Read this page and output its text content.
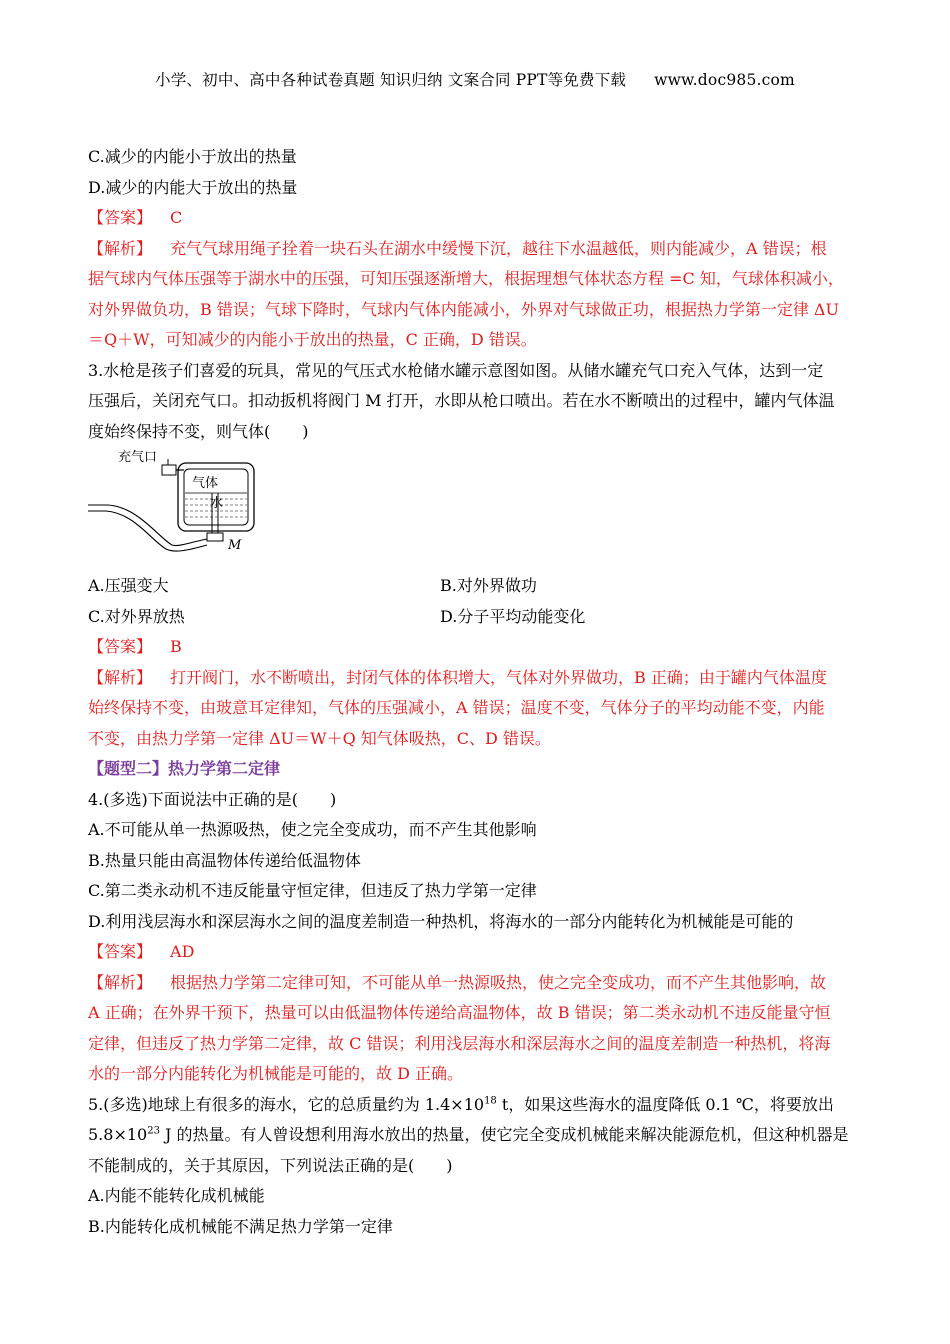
小学、初中、高中各种试卷真题 知识归纳 文案合同 PPT等免费下载 www.doc985.com
C.减少的内能小于放出的热量
D.减少的内能大于放出的热量
【答案】 C
【解析】 充气气球用绳子拴着一块石头在湖水中缓慢下沉，越往下水温越低，则内能减少，A 错误；根
据气球内气体压强等于湖水中的压强，可知压强逐渐增大，根据理想气体状态方程 =C 知，气球体积减小，
对外界做负功，B 错误；气球下降时，气球内气体内能减小，外界对气球做正功，根据热力学第一定律 ΔU
＝Q＋W，可知减少的内能小于放出的热量，C 正确，D 错误。
3.水枪是孩子们喜爱的玩具，常见的气压式水枪储水罐示意图如图。从储水罐充气口充入气体，达到一定
压强后，关闭充气口。扣动扳机将阀门 M 打开，水即从枪口喷出。若在水不断喷出的过程中，罐内气体温
度始终保持不变，则气体(　　)
充气口
气体
水
M
A.压强变大	B.对外界做功
C.对外界放热	D.分子平均动能变化
【答案】 B
【解析】 打开阀门，水不断喷出，封闭气体的体积增大，气体对外界做功，B 正确；由于罐内气体温度
始终保持不变，由玻意耳定律知，气体的压强减小，A 错误；温度不变，气体分子的平均动能不变，内能
不变，由热力学第一定律 ΔU＝W＋Q 知气体吸热，C、D 错误。
【题型二】热力学第二定律
4.(多选)下面说法中正确的是(　　)
A.不可能从单一热源吸热，使之完全变成功，而不产生其他影响
B.热量只能由高温物体传递给低温物体
C.第二类永动机不违反能量守恒定律，但违反了热力学第一定律
D.利用浅层海水和深层海水之间的温度差制造一种热机，将海水的一部分内能转化为机械能是可能的
【答案】 AD
【解析】 根据热力学第二定律可知，不可能从单一热源吸热，使之完全变成功，而不产生其他影响，故
A 正确；在外界干预下，热量可以由低温物体传递给高温物体，故 B 错误；第二类永动机不违反能量守恒
定律，但违反了热力学第二定律，故 C 错误；利用浅层海水和深层海水之间的温度差制造一种热机，将海
水的一部分内能转化为机械能是可能的，故 D 正确。
5.(多选)地球上有很多的海水，它的总质量约为 $1.4\times 10^{18}$ t，如果这些海水的温度降低 0.1 ℃，将要放出
$5.8\times 10^{23}$ J 的热量。有人曾设想利用海水放出的热量，使它完全变成机械能来解决能源危机，但这种机器是
不能制成的，关于其原因，下列说法正确的是(　　)
A.内能不能转化成机械能
B.内能转化成机械能不满足热力学第一定律
